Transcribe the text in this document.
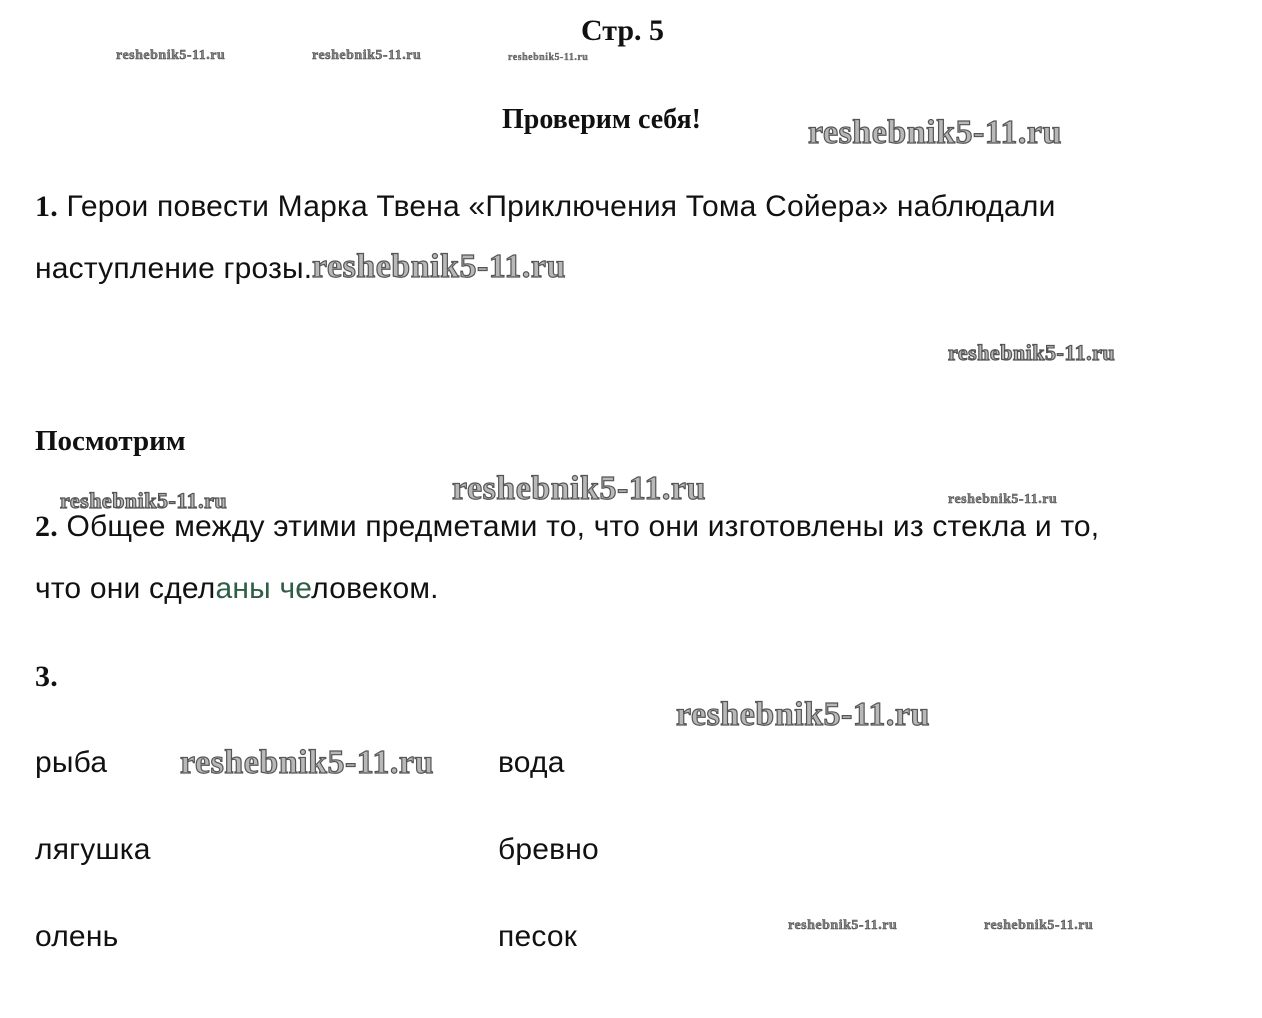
Стр. 5
reshebnik5-11.ru	reshebnik5-11.ru	reshebnik5-11.ru
Проверим себя!	reshebnik5-11.ru
1. Герои повести Марка Твена «Приключения Тома Сойера» наблюдали
наступление грозы. reshebnik5-11.ru
reshebnik5-11.ru
Посмотрим
reshebnik5-11.ru	reshebnik5-11.ru	reshebnik5-11.ru
2. Общее между этими предметами то, что они изготовлены из стекла и то,
что они сделаны человеком.
3.
reshebnik5-11.ru
рыба reshebnik5-11.ru вода
лягушка	бревно
олень	песок	reshebnik5-11.ru	reshebnik5-11.ru
